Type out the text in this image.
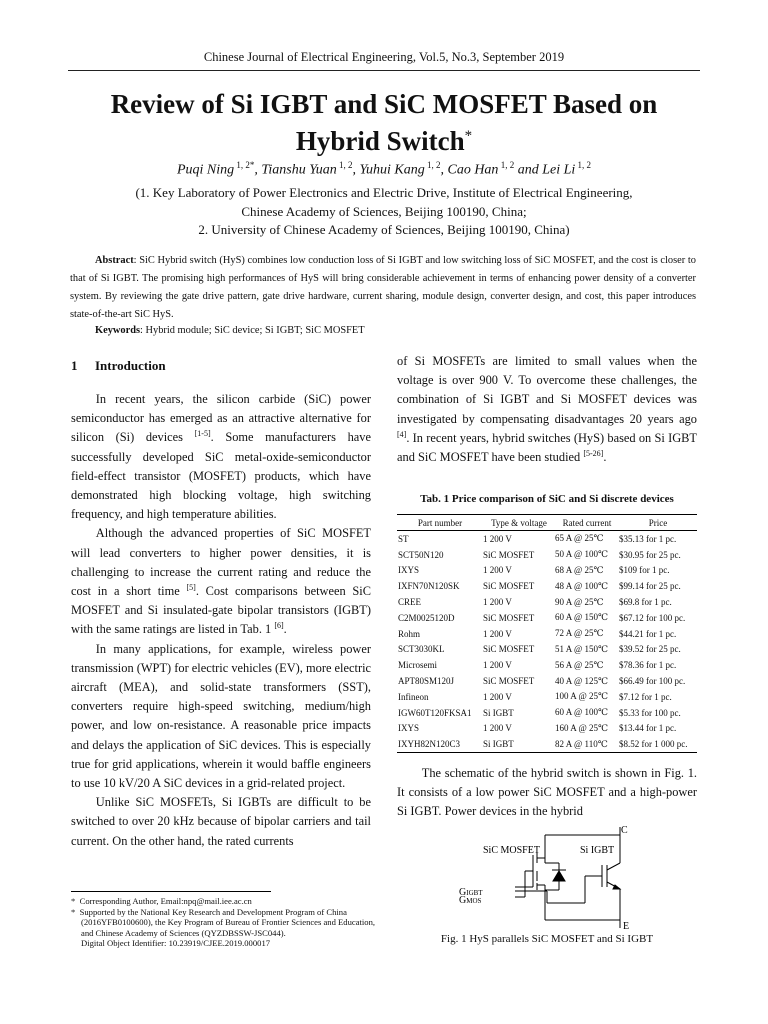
Chinese Journal of Electrical Engineering, Vol.5, No.3, September 2019
Review of Si IGBT and SiC MOSFET Based on
Hybrid Switch*
Puqi Ning $^{1, 2*}$, Tianshu Yuan $^{1, 2}$, Yuhui Kang $^{1, 2}$, Cao Han $^{1, 2}$ and Lei Li $^{1, 2}$
(1. Key Laboratory of Power Electronics and Electric Drive, Institute of Electrical Engineering,
Chinese Academy of Sciences, Beijing 100190, China;
2. University of Chinese Academy of Sciences, Beijing 100190, China)
Abstract: SiC Hybrid switch (HyS) combines low conduction loss of Si IGBT and low switching loss of SiC MOSFET, and the cost is closer to that of Si IGBT. The promising high performances of HyS will bring considerable achievement in terms of enhancing power density of a converter system. By reviewing the gate drive pattern, gate drive hardware, current sharing, module design, converter design, and cost, this paper introduces state-of-the-art SiC HyS.
Keywords: Hybrid module; SiC device; Si IGBT; SiC MOSFET
1 Introduction

In recent years, the silicon carbide (SiC) power semiconductor has emerged as an attractive alternative for silicon (Si) devices [1-5]. Some manufacturers have successfully developed SiC metal-oxide-semiconductor field-effect transistor (MOSFET) products, which have demonstrated high blocking voltage, high switching frequency, and high temperature abilities.

Although the advanced properties of SiC MOSFET will lead converters to higher power densities, it is challenging to increase the current rating and reduce the cost in a short time [5]. Cost comparisons between SiC MOSFET and Si insulated-gate bipolar transistors (IGBT) with the same ratings are listed in Tab. 1 [6].

In many applications, for example, wireless power transmission (WPT) for electric vehicles (EV), more electric aircraft (MEA), and solid-state transformers (SST), converters require high-speed switching, medium/high power, and low on-resistance. A reasonable price impacts and delays the application of SiC devices. This is especially true for grid applications, wherein it would baffle engineers to use 10 kV/20 A SiC devices in a grid-related project.

Unlike SiC MOSFETs, Si IGBTs are difficult to be switched to over 20 kHz because of bipolar carriers and tail current. On the other hand, the rated currents

of Si MOSFETs are limited to small values when the voltage is over 900 V. To overcome these challenges, the combination of Si IGBT and Si MOSFET devices was investigated by compensating disadvantages 20 years ago [4]. In recent years, hybrid switches (HyS) based on Si IGBT and SiC MOSFET have been studied [5-26].

Tab. 1 Price comparison of SiC and Si discrete devices
Part number	Type & voltage	Rated current	Price
ST	1 200 V	65 A @ 25℃	$35.13 for 1 pc.
SCT50N120	SiC MOSFET	50 A @ 100℃	$30.95 for 25 pc.
IXYS	1 200 V	68 A @ 25℃	$109 for 1 pc.
IXFN70N120SK	SiC MOSFET	48 A @ 100℃	$99.14 for 25 pc.
CREE	1 200 V	90 A @ 25℃	$69.8 for 1 pc.
C2M0025120D	SiC MOSFET	60 A @ 150℃	$67.12 for 100 pc.
Rohm	1 200 V	72 A @ 25℃	$44.21 for 1 pc.
SCT3030KL	SiC MOSFET	51 A @ 150℃	$39.52 for 25 pc.
Microsemi	1 200 V	56 A @ 25℃	$78.36 for 1 pc.
APT80SM120J	SiC MOSFET	40 A @ 125℃	$66.49 for 100 pc.
Infineon	1 200 V	100 A @ 25℃	$7.12 for 1 pc.
IGW60T120FKSA1	Si IGBT	60 A @ 100℃	$5.33 for 100 pc.
IXYS	1 200 V	160 A @ 25℃	$13.44 for 1 pc.
IXYH82N120C3	Si IGBT	82 A @ 110℃	$8.52 for 1 000 pc.

The schematic of the hybrid switch is shown in Fig. 1. It consists of a low power SiC MOSFET and a high-power Si IGBT. Power devices in the hybrid

C
E
SiC MOSFET	Si IGBT
GIGBT
GMOS
Fig. 1 HyS parallels SiC MOSFET and Si IGBT

* Corresponding Author, Email:npq@mail.iee.ac.cn

* Supported by the National Key Research and Development Program of China (2016YFB0100600), the Key Program of Bureau of Frontier Sciences and Education, and Chinese Academy of Sciences (QYZDBSSW-JSC044).

Digital Object Identifier: 10.23919/CJEE.2019.000017
